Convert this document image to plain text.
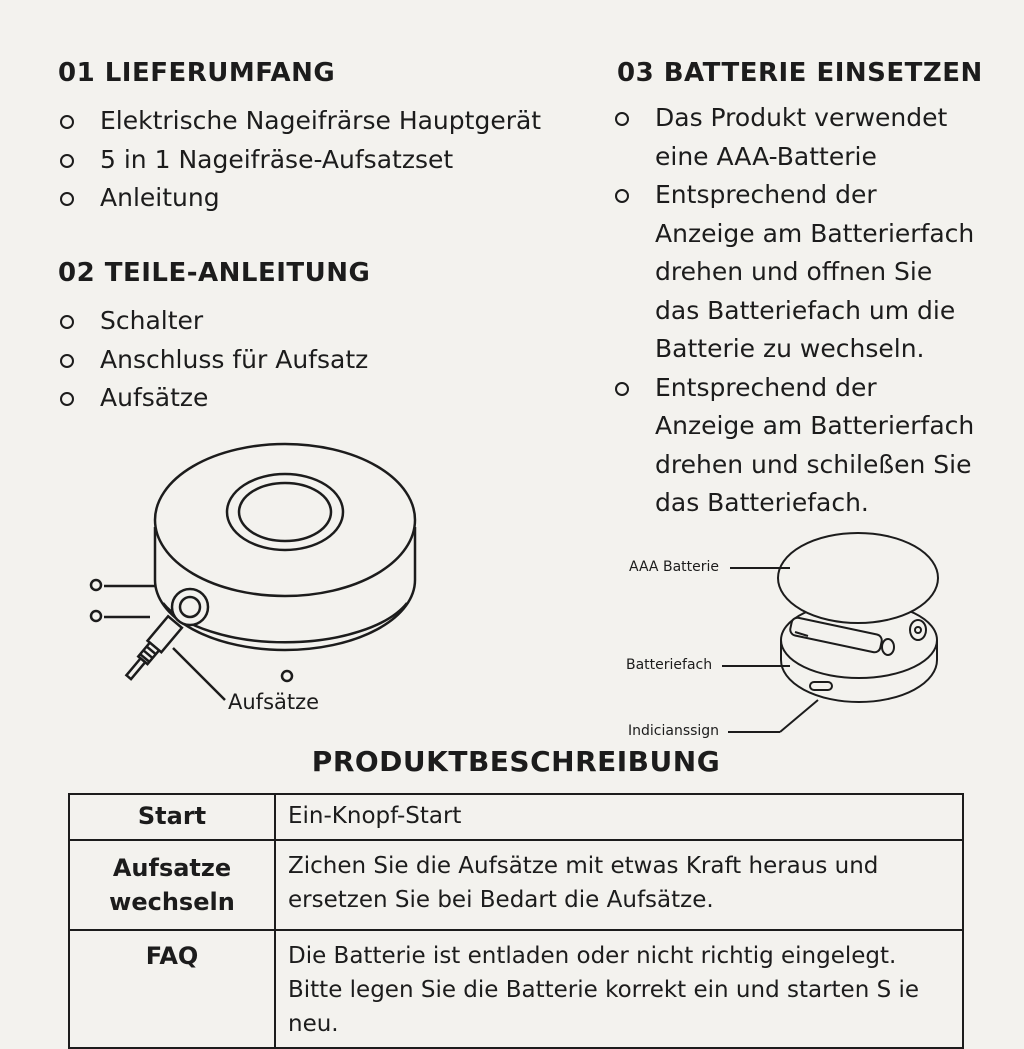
01 LIEFERUMFANG
Elektrische Nageifrärse Hauptgerät
5 in 1 Nageifräse-Aufsatzset
Anleitung
02 TEILE-ANLEITUNG
Schalter
Anschluss für Aufsatz
Aufsätze
03 BATTERIE EINSETZEN
Das Produkt verwendet eine AAA-Batterie
Entsprechend der Anzeige am Batterierfach drehen und offnen Sie das Batteriefach um die Batterie zu wechseln.
Entsprechend der Anzeige am Batterierfach drehen und schileßen Sie das Batteriefach.
Aufsätze
AAA Batterie
Batteriefach
Indicianssign
PRODUKTBESCHREIBUNG
Start	Ein-Knopf-Start
Aufsatze wechseln	Zichen Sie die Aufsätze mit etwas Kraft heraus und ersetzen Sie bei Bedart die Aufsätze.
FAQ	Die Batterie ist entladen oder nicht richtig eingelegt. Bitte legen Sie die Batterie korrekt ein und starten S ie neu.
